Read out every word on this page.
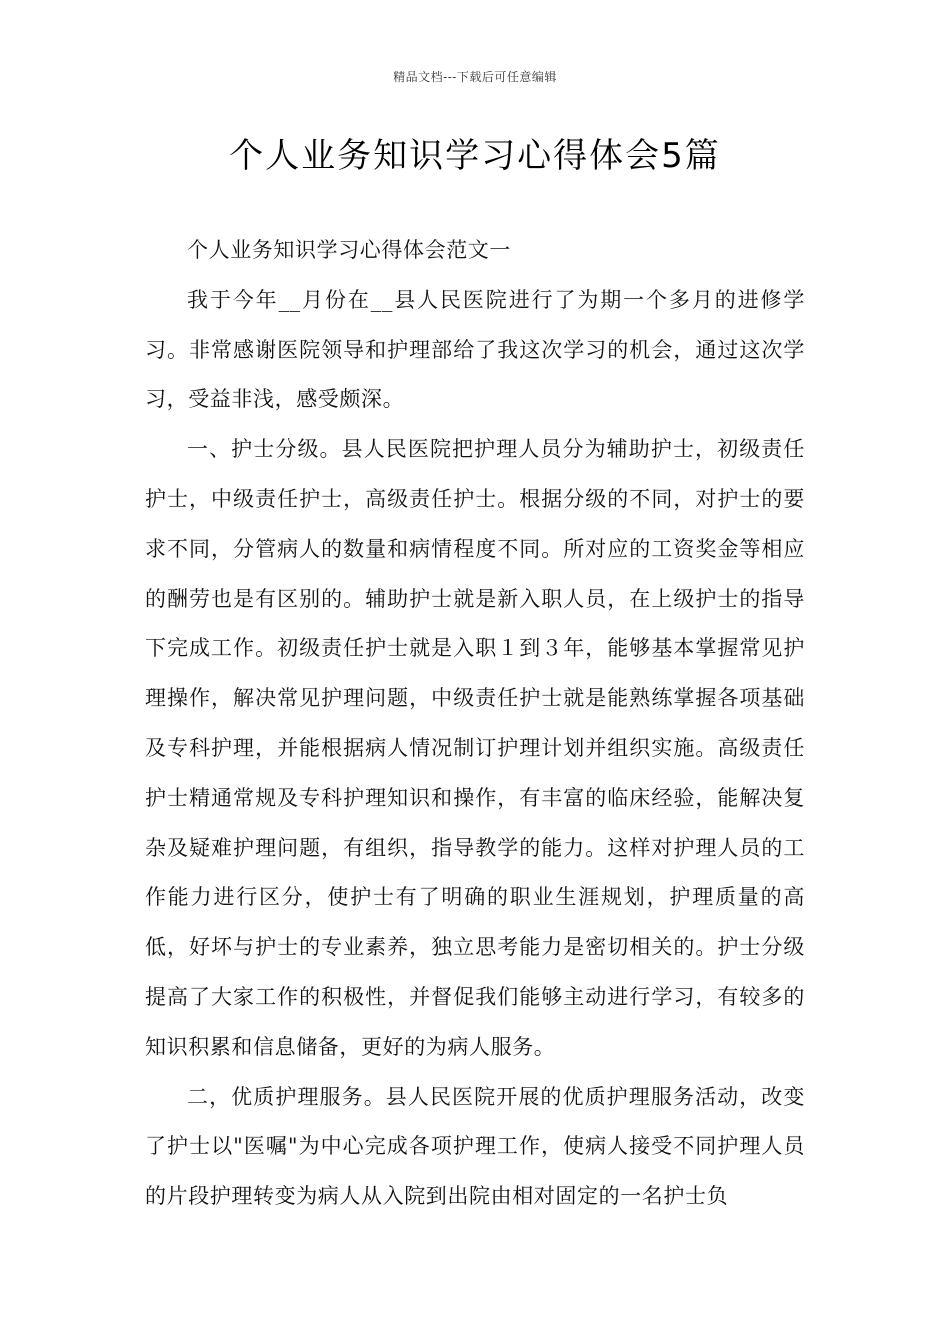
精品文档---下载后可任意编辑
个人业务知识学习心得体会5篇

个人业务知识学习心得体会范文一

我于今年__月份在__县人民医院进行了为期一个多月的进修学习。非常感谢医院领导和护理部给了我这次学习的机会，通过这次学习，受益非浅，感受颇深。

一、护士分级。县人民医院把护理人员分为辅助护士，初级责任护士，中级责任护士，高级责任护士。根据分级的不同，对护士的要求不同，分管病人的数量和病情程度不同。所对应的工资奖金等相应的酬劳也是有区别的。辅助护士就是新入职人员，在上级护士的指导下完成工作。初级责任护士就是入职１到３年，能够基本掌握常见护理操作，解决常见护理问题，中级责任护士就是能熟练掌握各项基础及专科护理，并能根据病人情况制订护理计划并组织实施。高级责任护士精通常规及专科护理知识和操作，有丰富的临床经验，能解决复杂及疑难护理问题，有组织，指导教学的能力。这样对护理人员的工作能力进行区分，使护士有了明确的职业生涯规划，护理质量的高低，好坏与护士的专业素养，独立思考能力是密切相关的。护士分级提高了大家工作的积极性，并督促我们能够主动进行学习，有较多的知识积累和信息储备，更好的为病人服务。

二，优质护理服务。县人民医院开展的优质护理服务活动，改变了护士以"医嘱"为中心完成各项护理工作，使病人接受不同护理人员的片段护理转变为病人从入院到出院由相对固定的一名护士负
